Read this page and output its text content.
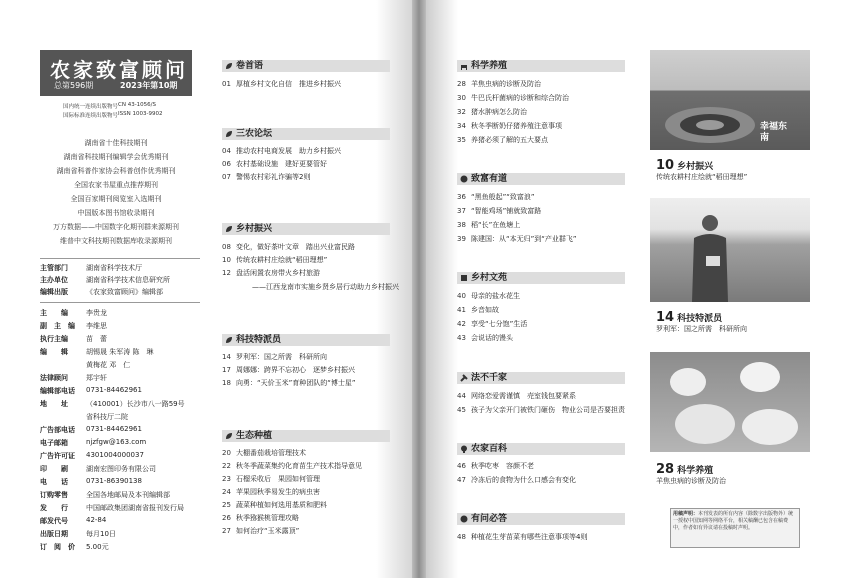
农家致富顾问
总第596期	2023年第10期
国内统一连续出版物号 CN 43-1056/S
国际标准连续出版物号 ISSN 1003-9902
湖南省十佳科技期刊
湖南省科技期刊编辑学会优秀期刊
湖南省科普作家协会科普创作优秀期刊
全国农家书屋重点推荐期刊
全国百家期刊阅览室入选期刊
中国版本图书馆收录期刊
万方数据——中国数字化期刊群来源期刊
维普中文科技期刊数据库收录源期刊
主管部门	湖南省科学技术厅
主办单位	湖南省科学技术信息研究所
编辑出版	《农家致富顾问》编辑部
主　　编	李贵龙
副　主　编	李维思
执行主编	苗　蕾
编　　辑	胡锡晟 朱军涛 陈　琳
黄梅花 邓　仁
法律顾问	郑宇轩
编辑部电话	0731-84462961
地　　址	（410001）长沙市八一路59号
省科技厅二院
广告部电话	0731-84462961
电子邮箱	njzfgw@163.com
广告许可证	4301004000037
印　　刷	湖南宏图印务有限公司
电　　话	0731-86390138
订购零售	全国各地邮局及本刊编辑部
发　　行	中国邮政集团湖南省报刊发行局
邮发代号	42-84
出版日期	每月10日
订　阅　价	5.00元
卷首语
01 厚植乡村文化自信　推进乡村振兴
三农论坛
04 推动农村电商发展　助力乡村振兴
06 农村基础设施　建好更要管好
07 警惕农村彩礼诈骗等2则
乡村振兴
08 变化，做好茶叶文章　踏出兴业富民路
10 传统农耕村庄绘就“稻田理想”
12 盘活闲置农房带火乡村旅游
——江西龙南市实施乡贤乡居行动助力乡村振兴
科技特派员
14 罗利军：国之所需　科研所向
17 周娜娜：跨界不忘初心　逐梦乡村振兴
18 向勇：“天价玉米”育种团队的“博士星”
生态种植
20 大棚番茄栽培管理技术
22 秋冬季蔬菜集约化育苗生产技术指导意见
23 石榴采收后　果园如何管理
24 苹果园秋季易发生的病虫害
25 蔬菜种植如何选用基质和肥料
26 秋季猕猴桃管理攻略
27 如何治疗“玉米露顶”
科学养殖
28 羊焦虫病的诊断及防治
30 牛巴氏杆菌病的诊断和综合防治
32 猪水肿病怎么防治
34 秋冬季断奶仔猪养殖注意事项
35 养猪必须了解的五大要点
致富有道
36 “黑鱼般起”“致富浪”
37 “智能鸡场”铺就致富路
38 稻“长”在鱼塘上
39 陈建国：从“本无归”到“产业群飞”
乡村文苑
40 母亲的盐水花生
41 乡音如故
42 享受“七分饱”生活
43 会说话的馒头
法不千家
44 网络恋爱需谨慎　売室钱包要紧系
45 孩子为父亲开门被铁门砸伤　物业公司是否要担责
农家百科
46 秋季吃枣　容颜不老
47 冷冻后的食物为什么口感会有变化
有问必答
48 种植花生芽苗菜有哪些注意事项等4则
幸福东南
10 乡村振兴
传统农耕村庄绘就“稻田理想”
14 科技特派员
罗利军：国之所需　科研所向
28 科学养殖
羊焦虫病的诊断及防治
用稿声明：本刊发表的所有内容（除数字出版物外）统一授权中国知网等网络平台，相关稿酬已包含在稿费中，作者如有异议请在投稿时声明。
